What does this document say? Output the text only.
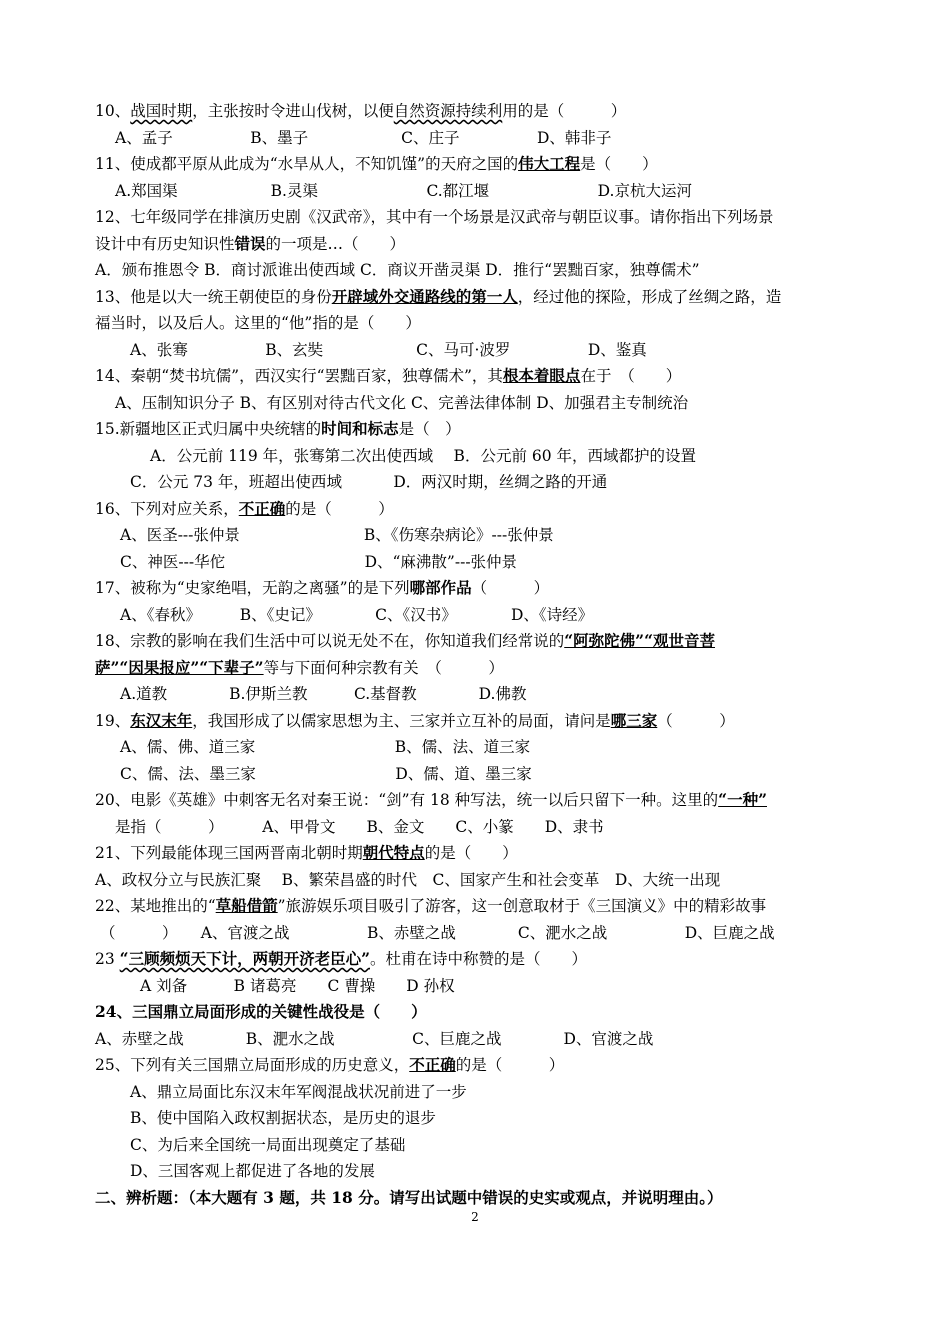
10、战国时期，主张按时令进山伐树，以便自然资源持续利用的是（　　　）
A、孟子　　　　　B、墨子　　　　　　C、庄子　　　　　D、韩非子
11、使成都平原从此成为“水旱从人，不知饥馑”的天府之国的伟大工程是（　　）
A.郑国渠　　　　　　B.灵渠　　　　　　　C.都江堰　　　　　　　D.京杭大运河
12、七年级同学在排演历史剧《汉武帝》，其中有一个场景是汉武帝与朝臣议事。请你指出下列场景
设计中有历史知识性错误的一项是…（　　）
A．颁布推恩令 B．商讨派谁出使西域 C．商议开凿灵渠 D．推行“罢黜百家，独尊儒术”
13、他是以大一统王朝使臣的身份开辟域外交通路线的第一人，经过他的探险，形成了丝绸之路，造
福当时，以及后人。这里的“他”指的是（　　）
A、张骞　　　　　B、玄奘　　　　　　C、马可·波罗　　　　　D、鉴真
14、秦朝“焚书坑儒”，西汉实行“罢黜百家，独尊儒术”，其根本着眼点在于　（　　）
A、压制知识分子 B、有区别对待古代文化 C、完善法律体制 D、加强君主专制统治
15.新疆地区正式归属中央统辖的时间和标志是（　）
A．公元前 119 年，张骞第二次出使西域　 B．公元前 60 年，西域都护的设置
C．公元 73 年，班超出使西域　　　 D．两汉时期，丝绸之路的开通
16、下列对应关系，不正确的是（　　　）
A、医圣---张仲景　　　　　　　　B、《伤寒杂病论》---张仲景
C、神医---华佗　　　　　　　　　D、“麻沸散”---张仲景
17、被称为“史家绝唱，无韵之离骚”的是下列哪部作品（　　　）
A、《春秋》　　　B、《史记》　　　　C、《汉书》　　　　D、《诗经》
18、宗教的影响在我们生活中可以说无处不在，你知道我们经常说的“阿弥陀佛”“观世音菩
萨”“因果报应”“下辈子”等与下面何种宗教有关　（　　　）
A.道教　　　　B.伊斯兰教　　　C.基督教　　　　D.佛教
19、东汉末年，我国形成了以儒家思想为主、三家并立互补的局面，请问是哪三家（　　　）
A、儒、佛、道三家　　　　　　　　　B、儒、法、道三家
C、儒、法、墨三家　　　　　　　　　D、儒、道、墨三家
20、电影《英雄》中刺客无名对秦王说：“剑”有 18 种写法，统一以后只留下一种。这里的“一种”
是指（　　　）　　　A、甲骨文　　B、金文　　C、小篆　　D、隶书
21、下列最能体现三国两晋南北朝时期朝代特点的是（　　）
A、政权分立与民族汇聚　 B、繁荣昌盛的时代　C、国家产生和社会变革　D、大统一出现
22、某地推出的“草船借箭”旅游娱乐项目吸引了游客，这一创意取材于《三国演义》中的精彩故事
（　　　）　　A、官渡之战　　　　　B、赤壁之战　　　　C、淝水之战　　　　　D、巨鹿之战
23 “三顾频烦天下计，两朝开济老臣心”。杜甫在诗中称赞的是（　　）
A 刘备　　　B 诸葛亮　　C 曹操　　D 孙权
24、三国鼎立局面形成的关键性战役是（　　）
A、赤壁之战　　　　B、淝水之战　　　　　C、巨鹿之战　　　　D、官渡之战
25、下列有关三国鼎立局面形成的历史意义，不正确的是（　　　）
A、鼎立局面比东汉末年军阀混战状况前进了一步
B、使中国陷入政权割据状态，是历史的退步
C、为后来全国统一局面出现奠定了基础
D、三国客观上都促进了各地的发展
二、辨析题：（本大题有 3 题，共 18 分。请写出试题中错误的史实或观点，并说明理由。）
2
